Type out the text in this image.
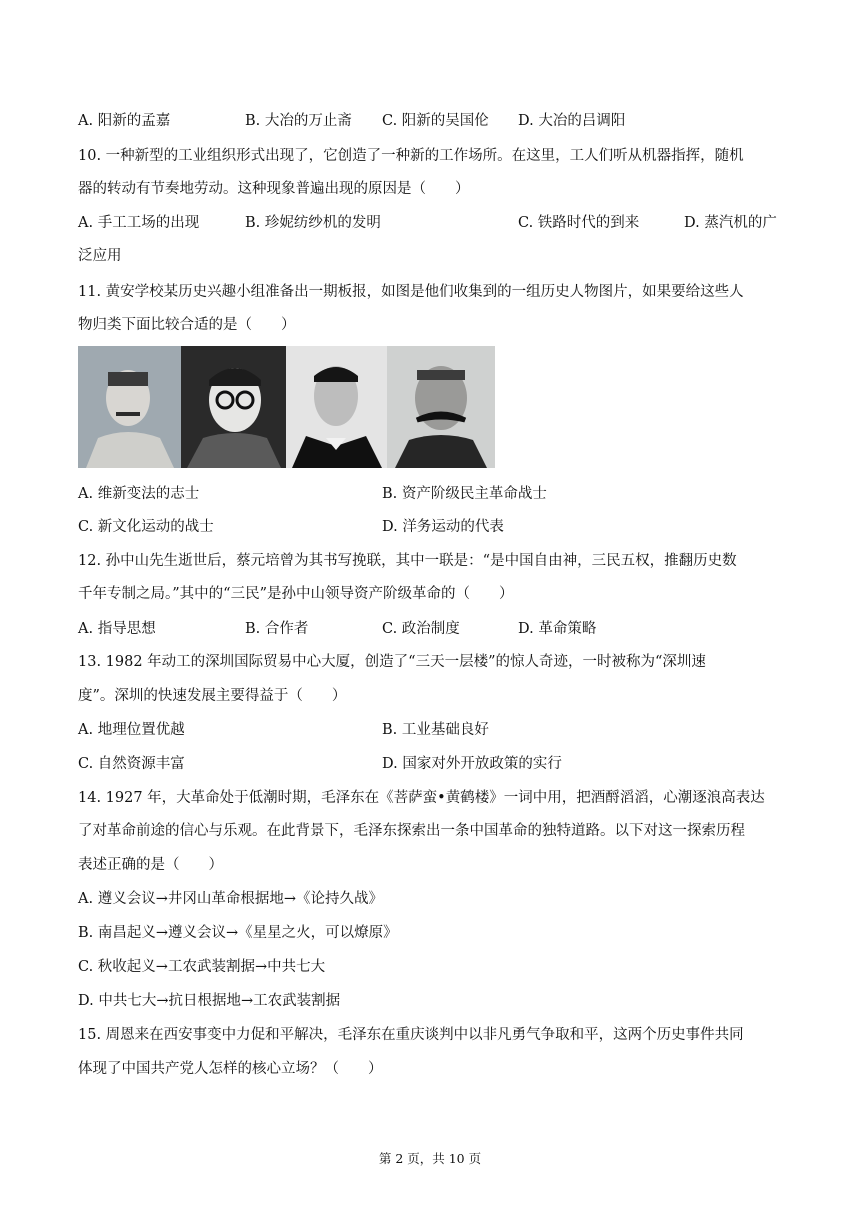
A. 阳新的孟嘉	B. 大冶的万止斋 C. 阳新的吴国伦 D. 大冶的吕调阳
10. 一种新型的工业组织形式出现了，它创造了一种新的工作场所。在这里，工人们听从机器指挥，随机
器的转动有节奏地劳动。这种现象普遍出现的原因是（　　）
A. 手工工场的出现	B. 珍妮纺纱机的发明	C. 铁路时代的到来	D. 蒸汽机的广
泛应用
11. 黄安学校某历史兴趣小组准备出一期板报，如图是他们收集到的一组历史人物图片，如果要给这些人
物归类下面比较合适的是（　　）
A. 维新变法的志士	B. 资产阶级民主革命战士
C. 新文化运动的战士	D. 洋务运动的代表
12. 孙中山先生逝世后，蔡元培曾为其书写挽联，其中一联是：“是中国自由神，三民五权，推翻历史数
千年专制之局。”其中的“三民”是孙中山领导资产阶级革命的（　　）
A. 指导思想	B. 合作者	C. 政治制度	D. 革命策略
13. 1982 年动工的深圳国际贸易中心大厦，创造了“三天一层楼”的惊人奇迹，一时被称为“深圳速
度”。深圳的快速发展主要得益于（　　）
A. 地理位置优越	B. 工业基础良好
C. 自然资源丰富	D. 国家对外开放政策的实行
14. 1927 年，大革命处于低潮时期，毛泽东在《菩萨蛮•黄鹤楼》一词中用，把酒酹滔滔，心潮逐浪高表达
了对革命前途的信心与乐观。在此背景下，毛泽东探索出一条中国革命的独特道路。以下对这一探索历程
表述正确的是（　　）
A. 遵义会议→井冈山革命根据地→《论持久战》
B. 南昌起义→遵义会议→《星星之火，可以燎原》
C. 秋收起义→工农武装割据→中共七大
D. 中共七大→抗日根据地→工农武装割据
15. 周恩来在西安事变中力促和平解决，毛泽东在重庆谈判中以非凡勇气争取和平，这两个历史事件共同
体现了中国共产党人怎样的核心立场？（　　）
第 2 页，共 10 页
